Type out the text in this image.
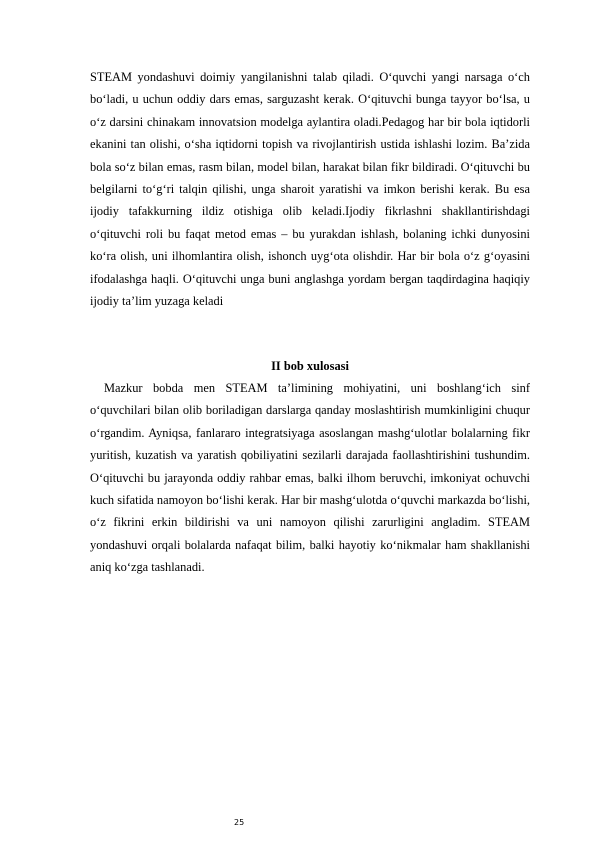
STEAM yondashuvi doimiy yangilanishni talab qiladi. O‘quvchi yangi narsaga o‘ch bo‘ladi, u uchun oddiy dars emas, sarguzasht kerak. O‘qituvchi bunga tayyor bo‘lsa, u o‘z darsini chinakam innovatsion modelga aylantira oladi.Pedagog har bir bola iqtidorli ekanini tan olishi, o‘sha iqtidorni topish va rivojlantirish ustida ishlashi lozim. Ba’zida bola so‘z bilan emas, rasm bilan, model bilan, harakat bilan fikr bildiradi. O‘qituvchi bu belgilarni to‘g‘ri talqin qilishi, unga sharoit yaratishi va imkon berishi kerak. Bu esa ijodiy tafakkurning ildiz otishiga olib keladi.Ijodiy fikrlashni shakllantirishdagi o‘qituvchi roli bu faqat metod emas – bu yurakdan ishlash, bolaning ichki dunyosini ko‘ra olish, uni ilhomlantira olish, ishonch uyg‘ota olishdir. Har bir bola o‘z g‘oyasini ifodalashga haqli. O‘qituvchi unga buni anglashga yordam bergan taqdirdagina haqiqiy ijodiy ta’lim yuzaga keladi

II bob xulosasi

Mazkur bobda men STEAM ta’limining mohiyatini, uni boshlang‘ich sinf o‘quvchilari bilan olib boriladigan darslarga qanday moslashtirish mumkinligini chuqur o‘rgandim. Ayniqsa, fanlararo integratsiyaga asoslangan mashg‘ulotlar bolalarning fikr yuritish, kuzatish va yaratish qobiliyatini sezilarli darajada faollashtirishini tushundim. O‘qituvchi bu jarayonda oddiy rahbar emas, balki ilhom beruvchi, imkoniyat ochuvchi kuch sifatida namoyon bo‘lishi kerak. Har bir mashg‘ulotda o‘quvchi markazda bo‘lishi, o‘z fikrini erkin bildirishi va uni namoyon qilishi zarurligini angladim. STEAM yondashuvi orqali bolalarda nafaqat bilim, balki hayotiy ko‘nikmalar ham shakllanishi aniq ko‘zga tashlanadi.

25
